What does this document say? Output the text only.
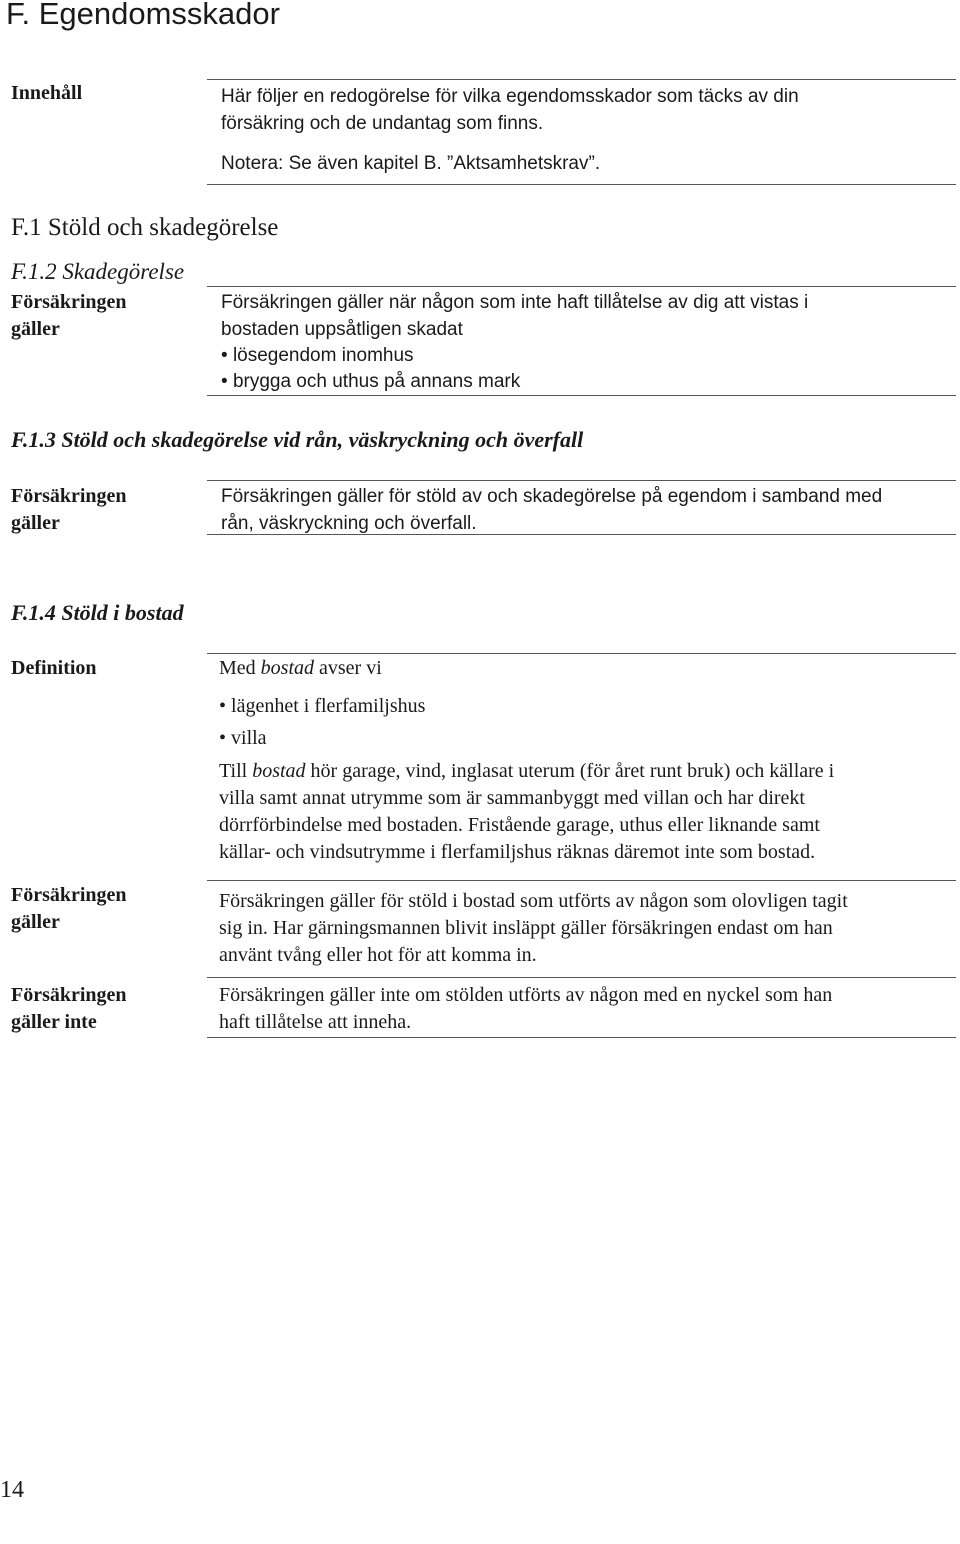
F. Egendomsskador
Innehåll	Här följer en redogörelse för vilka egendomsskador som täcks av din
försäkring och de undantag som finns.
Notera: Se även kapitel B. ”Aktsamhetskrav”.
F.1 Stöld och skadegörelse
F.1.2 Skadegörelse
Försäkringen
gäller
Försäkringen gäller när någon som inte haft tillåtelse av dig att vistas i
bostaden uppsåtligen skadat
• lösegendom inomhus
• brygga och uthus på annans mark
F.1.3 Stöld och skadegörelse vid rån, väskryckning och överfall
Försäkringen
gäller
Försäkringen gäller för stöld av och skadegörelse på egendom i samband med
rån, väskryckning och överfall.
F.1.4 Stöld i bostad
Definition	Med bostad avser vi
• lägenhet i flerfamiljshus
• villa
Till bostad hör garage, vind, inglasat uterum (för året runt bruk) och källare i
villa samt annat utrymme som är sammanbyggt med villan och har direkt
dörrförbindelse med bostaden. Fristående garage, uthus eller liknande samt
källar- och vindsutrymme i flerfamiljshus räknas däremot inte som bostad.
Försäkringen
gäller
Försäkringen gäller för stöld i bostad som utförts av någon som olovligen tagit
sig in. Har gärningsmannen blivit insläppt gäller försäkringen endast om han
använt tvång eller hot för att komma in.
Försäkringen
gäller inte
Försäkringen gäller inte om stölden utförts av någon med en nyckel som han
haft tillåtelse att inneha.
14
